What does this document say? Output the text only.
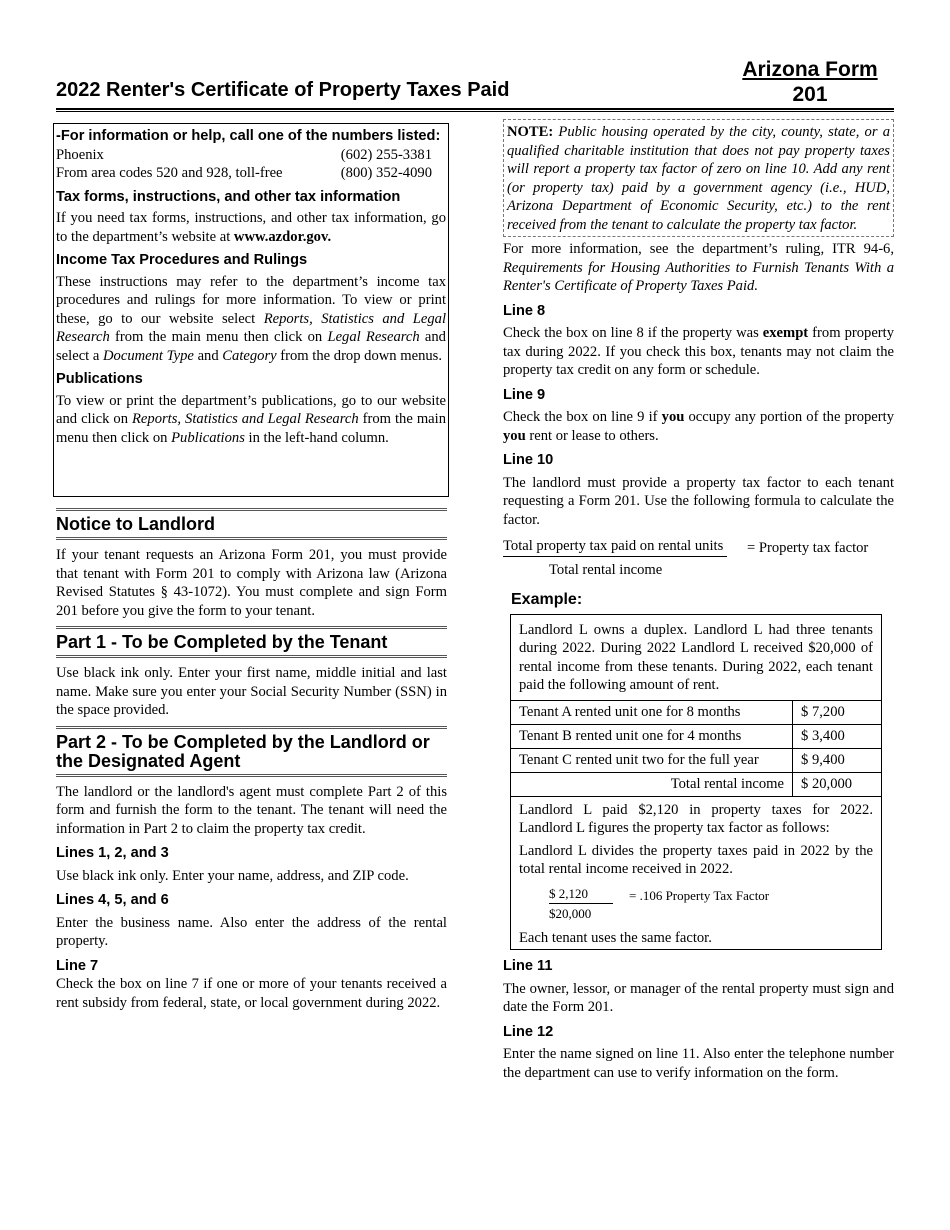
Arizona Form
201
2022 Renter's Certificate of Property Taxes Paid
-For information or help, call one of the numbers listed:
Phoenix	(602) 255-3381
From area codes 520 and 928, toll-free	(800) 352-4090
Tax forms, instructions, and other tax information

If you need tax forms, instructions, and other tax information, go to the department’s website at www.azdor.gov.

Income Tax Procedures and Rulings

These instructions may refer to the department’s income tax procedures and rulings for more information. To view or print these, go to our website select Reports, Statistics and Legal Research from the main menu then click on Legal Research and select a Document Type and Category from the drop down menus.

Publications

To view or print the department’s publications, go to our website and click on Reports, Statistics and Legal Research from the main menu then click on Publications in the left-hand column.

Notice to Landlord

If your tenant requests an Arizona Form 201, you must provide that tenant with Form 201 to comply with Arizona law (Arizona Revised Statutes § 43-1072). You must complete and sign Form 201 before you give the form to your tenant.

Part 1 - To be Completed by the Tenant

Use black ink only. Enter your first name, middle initial and last name. Make sure you enter your Social Security Number (SSN) in the space provided.

Part 2 - To be Completed by the Landlord or the Designated Agent

The landlord or the landlord's agent must complete Part 2 of this form and furnish the form to the tenant. The tenant will need the information in Part 2 to claim the property tax credit.

Lines 1, 2, and 3

Use black ink only. Enter your name, address, and ZIP code.

Lines 4, 5, and 6

Enter the business name. Also enter the address of the rental property.

Line 7

Check the box on line 7 if one or more of your tenants received a rent subsidy from federal, state, or local government during 2022.

NOTE: Public housing operated by the city, county, state, or a qualified charitable institution that does not pay property taxes will report a property tax factor of zero on line 10. Add any rent (or property tax) paid by a government agency (i.e., HUD, Arizona Department of Economic Security, etc.) to the rent received from the tenant to calculate the property tax factor.

For more information, see the department’s ruling, ITR 94-6, Requirements for Housing Authorities to Furnish Tenants With a Renter's Certificate of Property Taxes Paid.

Line 8

Check the box on line 8 if the property was exempt from property tax during 2022. If you check this box, tenants may not claim the property tax credit on any form or schedule.

Line 9

Check the box on line 9 if you occupy any portion of the property you rent or lease to others.

Line 10

The landlord must provide a property tax factor to each tenant requesting a Form 201. Use the following formula to calculate the factor.

Total property tax paid on rental units = Property tax factor
Total rental income
Example:

Landlord L owns a duplex. Landlord L had three tenants during 2022. During 2022 Landlord L received $20,000 of rental income from these tenants. During 2022, each tenant paid the following amount of rent.

Tenant A rented unit one for 8 months	$ 7,200
Tenant B rented unit one for 4 months	$ 3,400
Tenant C rented unit two for the full year	$ 9,400
Total rental income	$ 20,000

Landlord L paid $2,120 in property taxes for 2022. Landlord L figures the property tax factor as follows:

Landlord L divides the property taxes paid in 2022 by the total rental income received in 2022.

$ 2,120
$20,000
= .106 Property Tax Factor

Each tenant uses the same factor.

Line 11

The owner, lessor, or manager of the rental property must sign and date the Form 201.

Line 12

Enter the name signed on line 11. Also enter the telephone number the department can use to verify information on the form.
